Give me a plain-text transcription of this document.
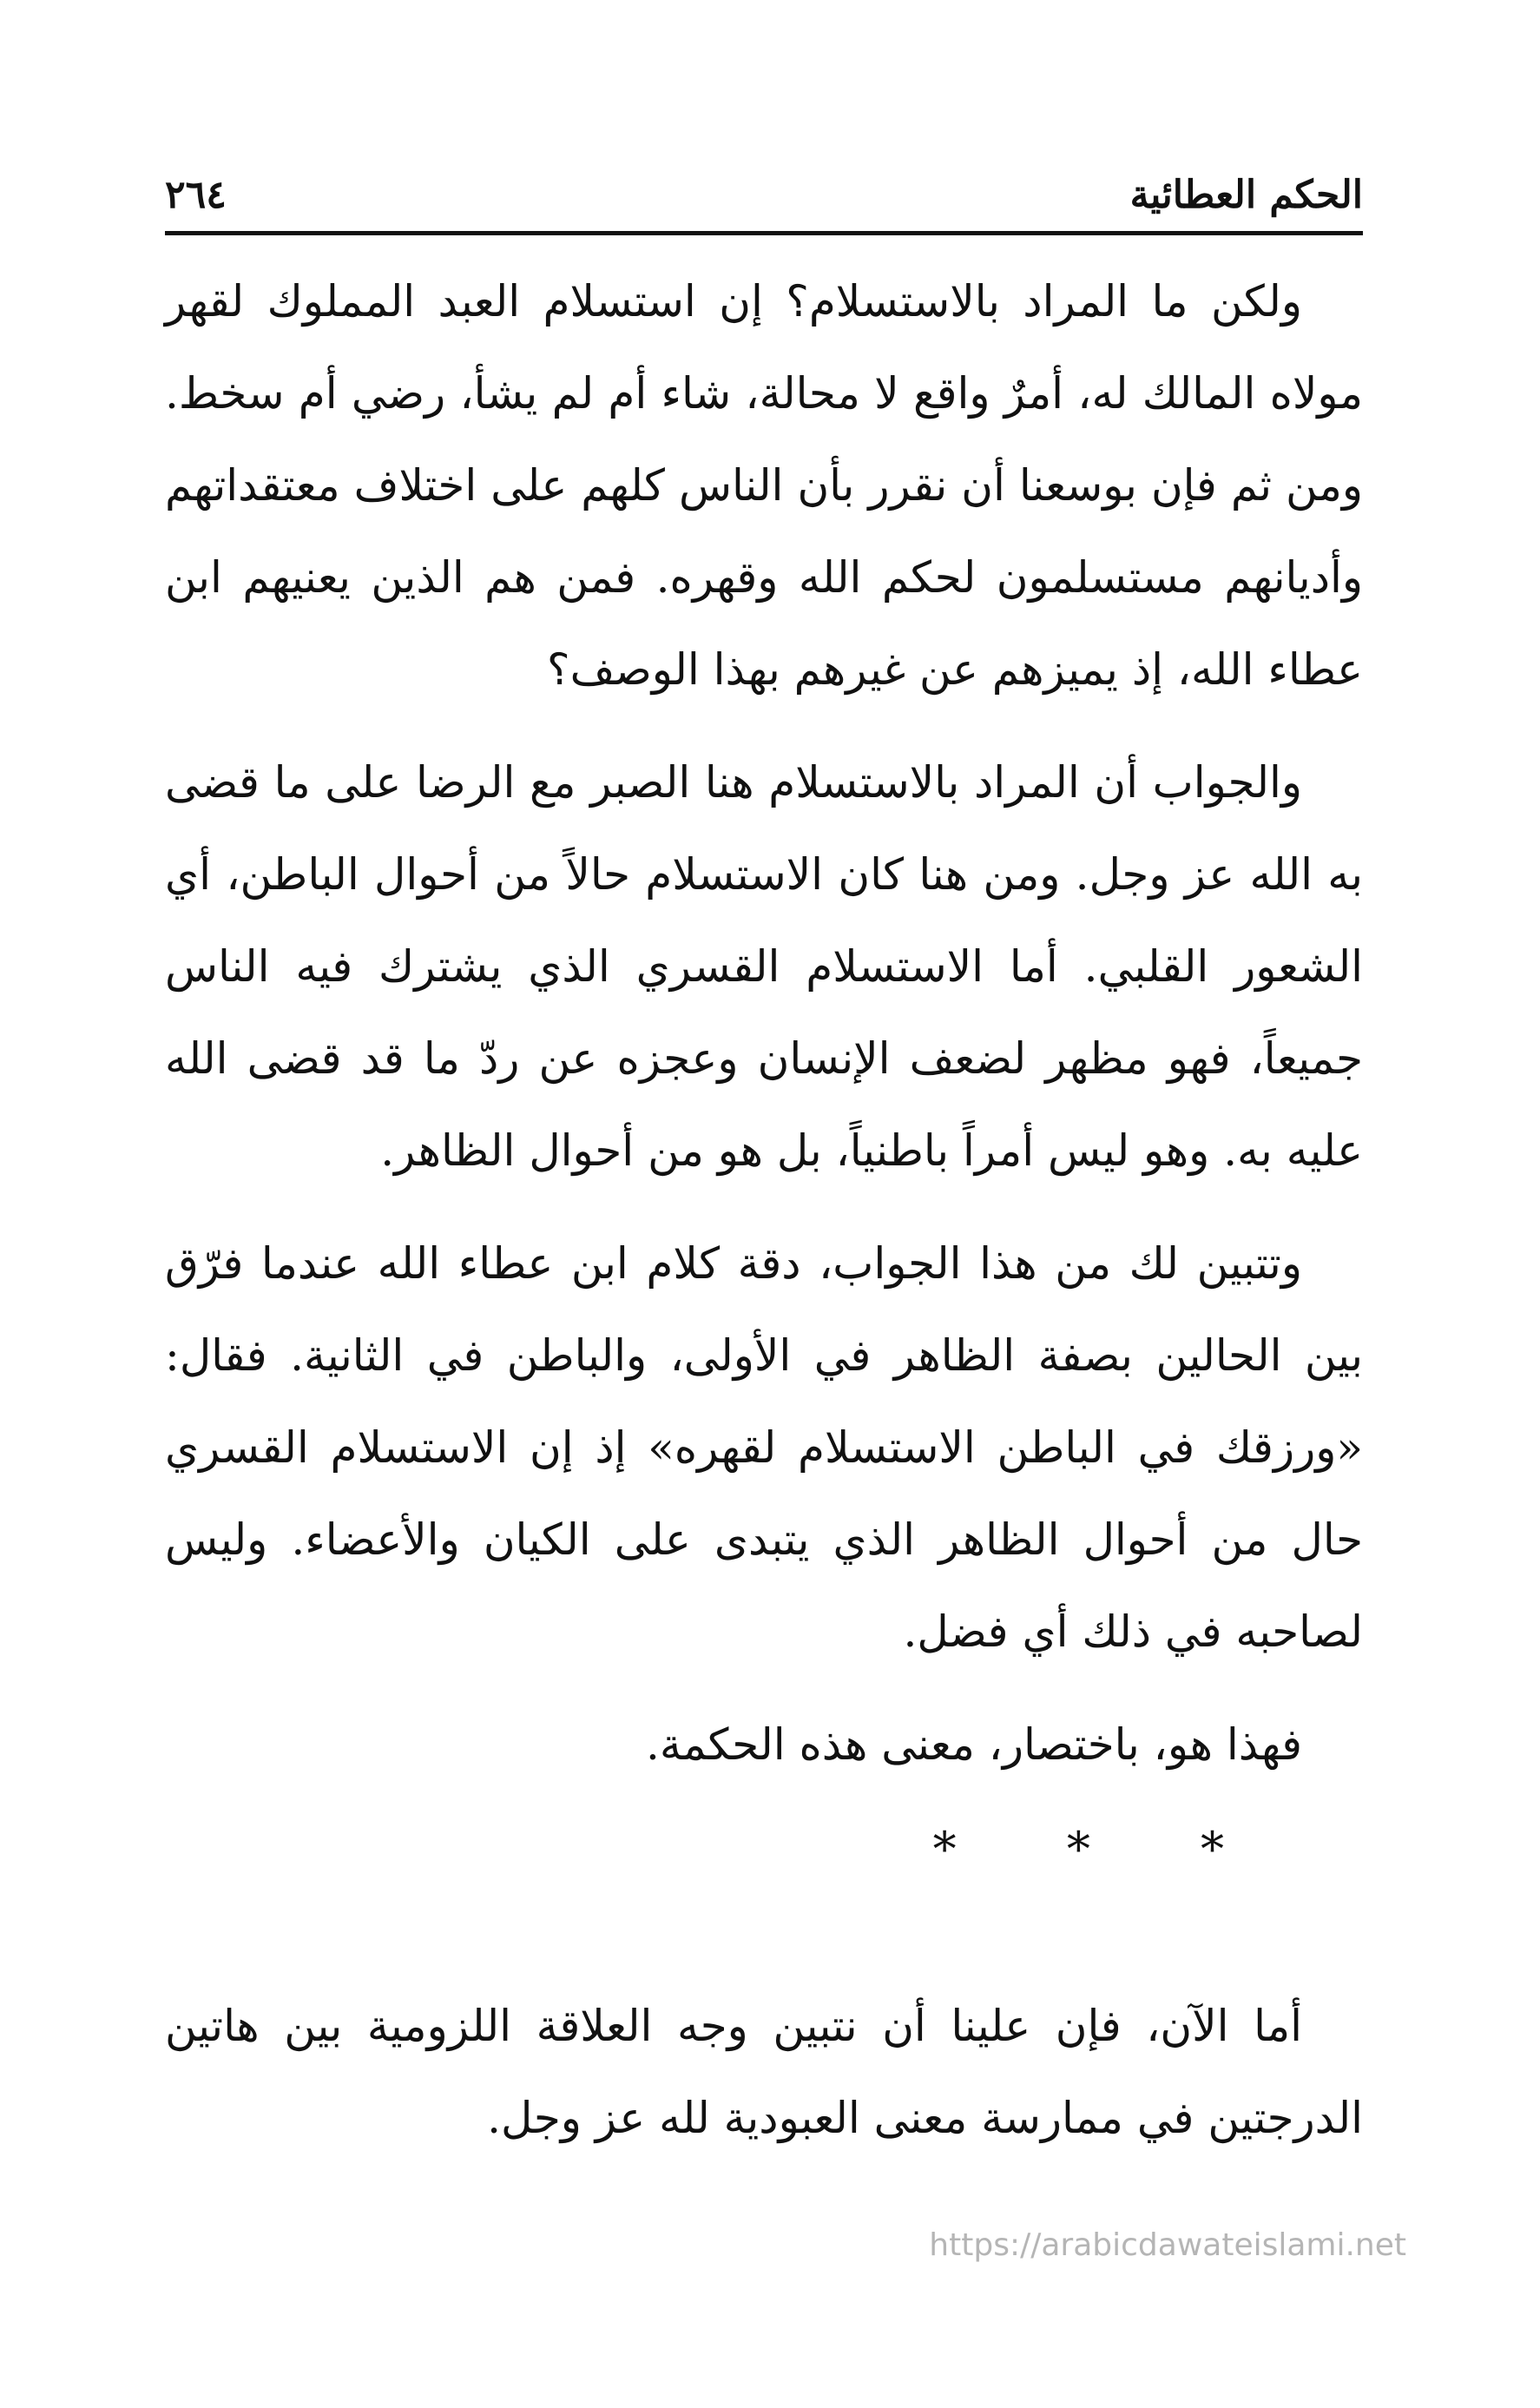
الحكم العطائية
٢٦٤

ولكن ما المراد بالاستسلام؟ إن استسلام العبد المملوك لقهر مولاه المالك له، أمرٌ واقع لا محالة، شاء أم لم يشأ، رضي أم سخط. ومن ثم فإن بوسعنا أن نقرر بأن الناس كلهم على اختلاف معتقداتهم وأديانهم مستسلمون لحكم الله وقهره. فمن هم الذين يعنيهم ابن عطاء الله، إذ يميزهم عن غيرهم بهذا الوصف؟

والجواب أن المراد بالاستسلام هنا الصبر مع الرضا على ما قضى به الله عز وجل. ومن هنا كان الاستسلام حالاً من أحوال الباطن، أي الشعور القلبي. أما الاستسلام القسري الذي يشترك فيه الناس جميعاً، فهو مظهر لضعف الإنسان وعجزه عن ردّ ما قد قضى الله عليه به. وهو ليس أمراً باطنياً، بل هو من أحوال الظاهر.

وتتبين لك من هذا الجواب، دقة كلام ابن عطاء الله عندما فرّق بين الحالين بصفة الظاهر في الأولى، والباطن في الثانية. فقال: «ورزقك في الباطن الاستسلام لقهره» إذ إن الاستسلام القسري حال من أحوال الظاهر الذي يتبدى على الكيان والأعضاء. وليس لصاحبه في ذلك أي فضل.

فهذا هو، باختصار، معنى هذه الحكمة.

* * *

أما الآن، فإن علينا أن نتبين وجه العلاقة اللزومية بين هاتين الدرجتين في ممارسة معنى العبودية لله عز وجل.

https://arabicdawateislami.net
